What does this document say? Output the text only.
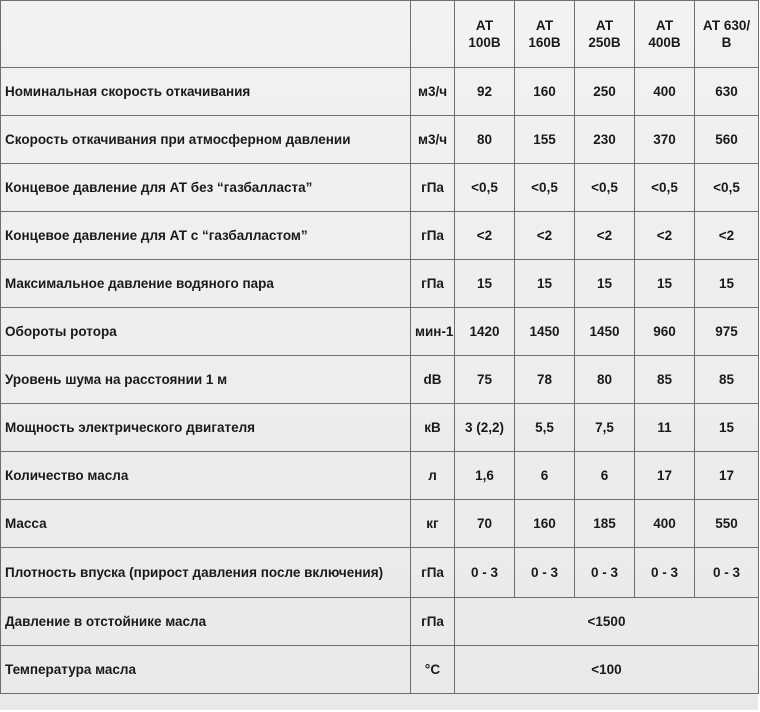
		АТ 100В	АТ 160В	АТ 250В	АТ 400В	АТ 630/В
Номинальная скорость откачивания	м3/ч	92	160	250	400	630
Скорость откачивания при атмосферном давлении	м3/ч	80	155	230	370	560
Концевое давление для АТ без “газбалласта”	гПа	<0,5	<0,5	<0,5	<0,5	<0,5
Концевое давление для АТ с “газбалластом”	гПа	<2	<2	<2	<2	<2
Максимальное давление водяного пара	гПа	15	15	15	15	15
Обороты ротора	мин-1	1420	1450	1450	960	975
Уровень шума на расстоянии 1 м	dB	75	78	80	85	85
Мощность электрического двигателя	кВ	3 (2,2)	5,5	7,5	11	15
Количество масла	л	1,6	6	6	17	17
Масса	кг	70	160	185	400	550
Плотность впуска (прирост давления после включения)	гПа	0 - 3	0 - 3	0 - 3	0 - 3	0 - 3
Давление в отстойнике масла	гПа	<1500				
Температура масла	°C	<100				
